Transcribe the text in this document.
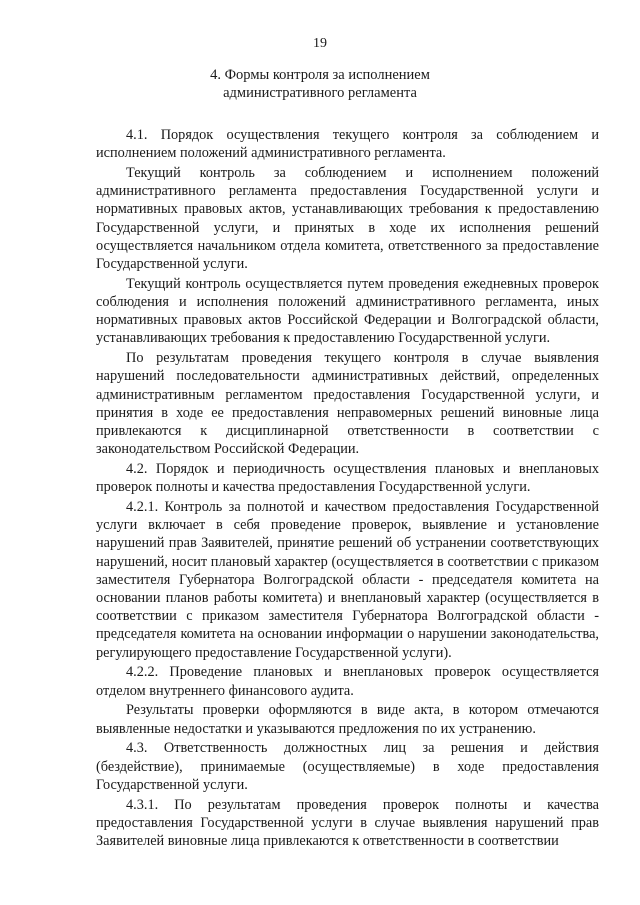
19
4. Формы контроля за исполнением
административного регламента

4.1. Порядок осуществления текущего контроля за соблюдением и исполнением положений административного регламента.

Текущий контроль за соблюдением и исполнением положений административного регламента предоставления Государственной услуги и нормативных правовых актов, устанавливающих требования к предоставлению Государственной услуги, и принятых в ходе их исполнения решений осуществляется начальником отдела комитета, ответственного за предоставление Государственной услуги.

Текущий контроль осуществляется путем проведения ежедневных проверок соблюдения и исполнения положений административного регламента, иных нормативных правовых актов Российской Федерации и Волгоградской области, устанавливающих требования к предоставлению Государственной услуги.

По результатам проведения текущего контроля в случае выявления нарушений последовательности административных действий, определенных административным регламентом предоставления Государственной услуги, и принятия в ходе ее предоставления неправомерных решений виновные лица привлекаются к дисциплинарной ответственности в соответствии с законодательством Российской Федерации.

4.2. Порядок и периодичность осуществления плановых и внеплановых проверок полноты и качества предоставления Государственной услуги.

4.2.1. Контроль за полнотой и качеством предоставления Государственной услуги включает в себя проведение проверок, выявление и установление нарушений прав Заявителей, принятие решений об устранении соответствующих нарушений, носит плановый характер (осуществляется в соответствии с приказом заместителя Губернатора Волгоградской области - председателя комитета на основании планов работы комитета) и внеплановый характер (осуществляется в соответствии с приказом заместителя Губернатора Волгоградской области - председателя комитета на основании информации о нарушении законодательства, регулирующего предоставление Государственной услуги).

4.2.2. Проведение плановых и внеплановых проверок осуществляется отделом внутреннего финансового аудита.

Результаты проверки оформляются в виде акта, в котором отмечаются выявленные недостатки и указываются предложения по их устранению.

4.3. Ответственность должностных лиц за решения и действия (бездействие), принимаемые (осуществляемые) в ходе предоставления Государственной услуги.

4.3.1. По результатам проведения проверок полноты и качества предоставления Государственной услуги в случае выявления нарушений прав Заявителей виновные лица привлекаются к ответственности в соответствии
